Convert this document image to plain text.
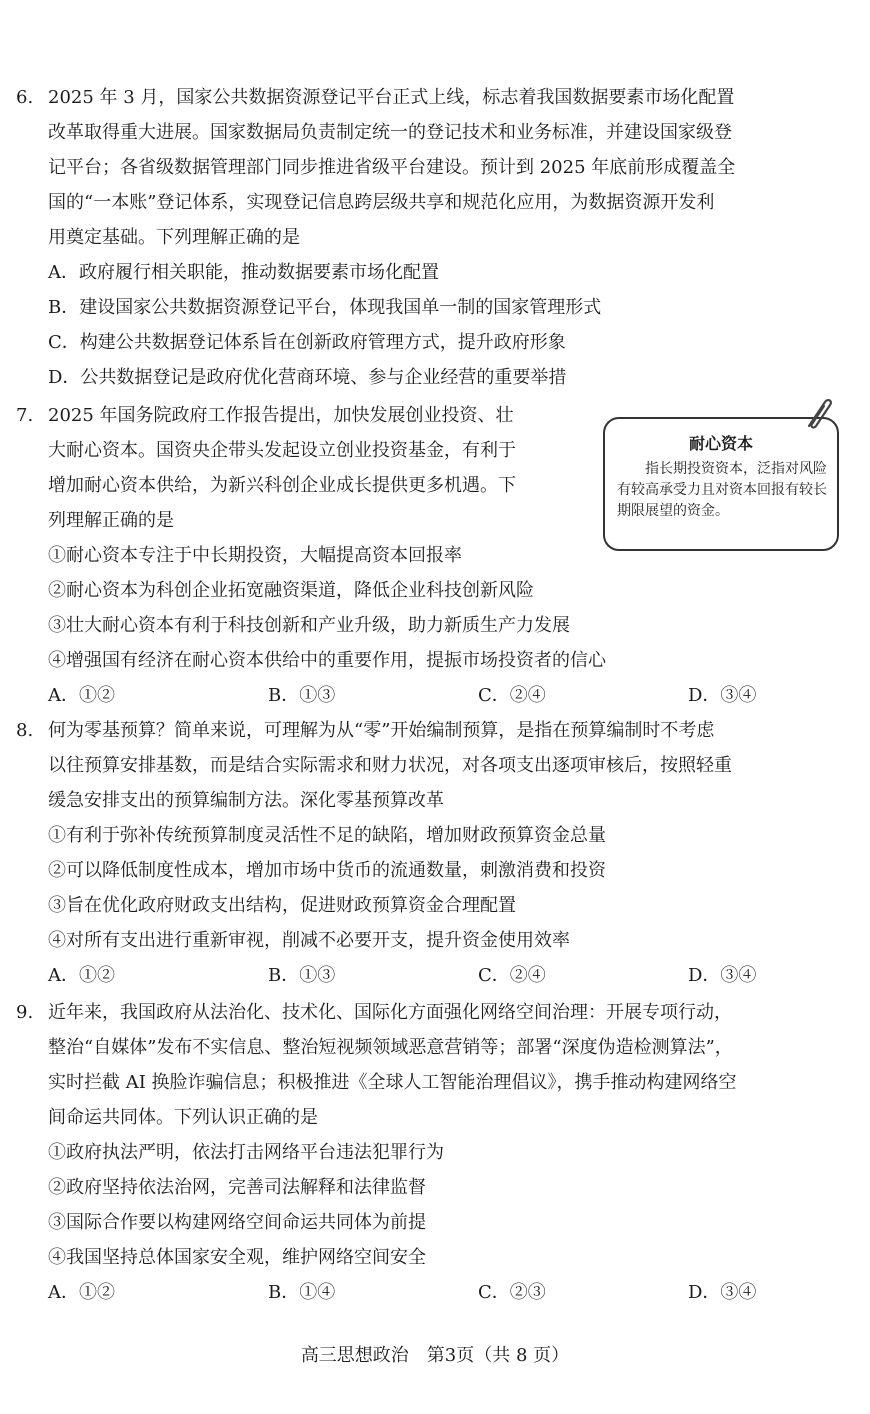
6. 2025 年 3 月，国家公共数据资源登记平台正式上线，标志着我国数据要素市场化配置
改革取得重大进展。国家数据局负责制定统一的登记技术和业务标准，并建设国家级登
记平台；各省级数据管理部门同步推进省级平台建设。预计到 2025 年底前形成覆盖全
国的“一本账”登记体系，实现登记信息跨层级共享和规范化应用，为数据资源开发利
用奠定基础。下列理解正确的是
A．政府履行相关职能，推动数据要素市场化配置
B．建设国家公共数据资源登记平台，体现我国单一制的国家管理形式
C．构建公共数据登记体系旨在创新政府管理方式，提升政府形象
D．公共数据登记是政府优化营商环境、参与企业经营的重要举措
7. 2025 年国务院政府工作报告提出，加快发展创业投资、壮
大耐心资本。国资央企带头发起设立创业投资基金，有利于
增加耐心资本供给，为新兴科创企业成长提供更多机遇。下
列理解正确的是
耐心资本
指长期投资资本，泛指对风险有较高承受力且对资本回报有较长期限展望的资金。
①耐心资本专注于中长期投资，大幅提高资本回报率
②耐心资本为科创企业拓宽融资渠道，降低企业科技创新风险
③壮大耐心资本有利于科技创新和产业升级，助力新质生产力发展
④增强国有经济在耐心资本供给中的重要作用，提振市场投资者的信心
A．①②	B．①③	C．②④	D．③④
8. 何为零基预算？简单来说，可理解为从“零”开始编制预算，是指在预算编制时不考虑
以往预算安排基数，而是结合实际需求和财力状况，对各项支出逐项审核后，按照轻重
缓急安排支出的预算编制方法。深化零基预算改革
①有利于弥补传统预算制度灵活性不足的缺陷，增加财政预算资金总量
②可以降低制度性成本，增加市场中货币的流通数量，刺激消费和投资
③旨在优化政府财政支出结构，促进财政预算资金合理配置
④对所有支出进行重新审视，削减不必要开支，提升资金使用效率
A．①②	B．①③	C．②④	D．③④
9. 近年来，我国政府从法治化、技术化、国际化方面强化网络空间治理：开展专项行动，
整治“自媒体”发布不实信息、整治短视频领域恶意营销等；部署“深度伪造检测算法”，
实时拦截 AI 换脸诈骗信息；积极推进《全球人工智能治理倡议》，携手推动构建网络空
间命运共同体。下列认识正确的是
①政府执法严明，依法打击网络平台违法犯罪行为
②政府坚持依法治网，完善司法解释和法律监督
③国际合作要以构建网络空间命运共同体为前提
④我国坚持总体国家安全观，维护网络空间安全
A．①②	B．①④	C．②③	D．③④
高三思想政治　第3页（共 8 页）
